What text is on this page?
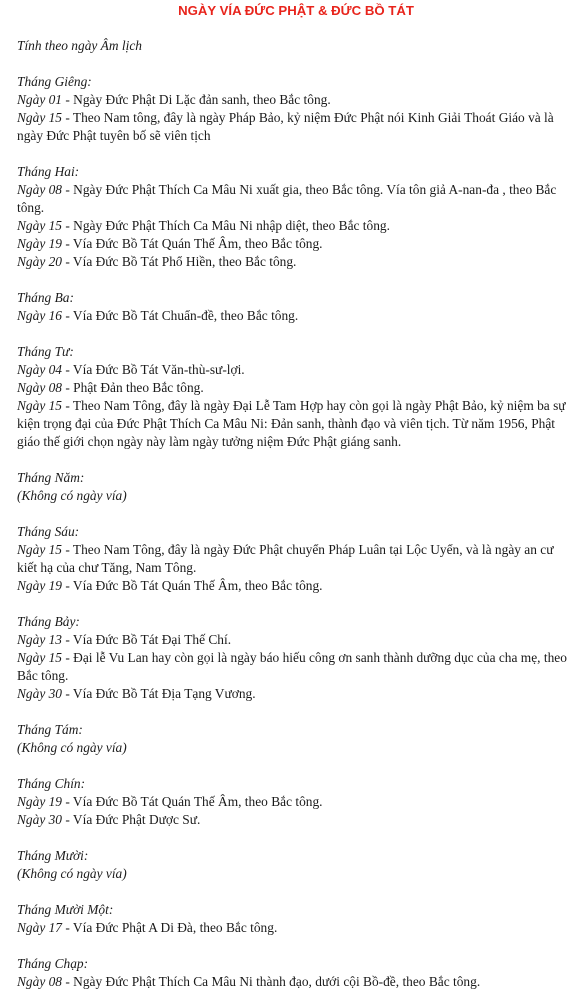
NGÀY VÍA ĐỨC PHẬT & ĐỨC BỒ TÁT
Tính theo ngày Âm lịch
Tháng Giêng:
Ngày 01 - Ngày Đức Phật Di Lặc đản sanh, theo Bắc tông.
Ngày 15 - Theo Nam tông, đây là ngày Pháp Bảo, kỷ niệm Đức Phật nói Kinh Giải Thoát Giáo và là ngày Đức Phật tuyên bố sẽ viên tịch
Tháng Hai:
Ngày 08 - Ngày Đức Phật Thích Ca Mâu Ni xuất gia, theo Bắc tông. Vía tôn giả A-nan-đa , theo Bắc tông.
Ngày 15 - Ngày Đức Phật Thích Ca Mâu Ni nhập diệt, theo Bắc tông.
Ngày 19 - Vía Đức Bồ Tát Quán Thế Âm, theo Bắc tông.
Ngày 20 - Vía Đức Bồ Tát Phổ Hiền, theo Bắc tông.
Tháng Ba:
Ngày 16 - Vía Đức Bồ Tát Chuẩn-đề, theo Bắc tông.
Tháng Tư:
Ngày 04 - Vía Đức Bồ Tát Văn-thù-sư-lợi.
Ngày 08 - Phật Đản theo Bắc tông.
Ngày 15 - Theo Nam Tông, đây là ngày Đại Lễ Tam Hợp hay còn gọi là ngày Phật Bảo, kỷ niệm ba sự kiện trọng đại của Đức Phật Thích Ca Mâu Ni: Đản sanh, thành đạo và viên tịch. Từ năm 1956, Phật giáo thế giới chọn ngày này làm ngày tưởng niệm Đức Phật giáng sanh.
Tháng Năm:
(Không có ngày vía)
Tháng Sáu:
Ngày 15 - Theo Nam Tông, đây là ngày Đức Phật chuyển Pháp Luân tại Lộc Uyển, và là ngày an cư kiết hạ của chư Tăng, Nam Tông.
Ngày 19 - Vía Đức Bồ Tát Quán Thế Âm, theo Bắc tông.
Tháng Bảy:
Ngày 13 - Vía Đức Bồ Tát Đại Thế Chí.
Ngày 15 - Đại lễ Vu Lan hay còn gọi là ngày báo hiếu công ơn sanh thành dưỡng dục của cha mẹ, theo Bắc tông.
Ngày 30 - Vía Đức Bồ Tát Địa Tạng Vương.
Tháng Tám:
(Không có ngày vía)
Tháng Chín:
Ngày 19 - Vía Đức Bồ Tát Quán Thế Âm, theo Bắc tông.
Ngày 30 - Vía Đức Phật Dược Sư.
Tháng Mười:
(Không có ngày vía)
Tháng Mười Một:
Ngày 17 - Vía Đức Phật A Di Đà, theo Bắc tông.
Tháng Chạp:
Ngày 08 - Ngày Đức Phật Thích Ca Mâu Ni thành đạo, dưới cội Bồ-đề, theo Bắc tông.
